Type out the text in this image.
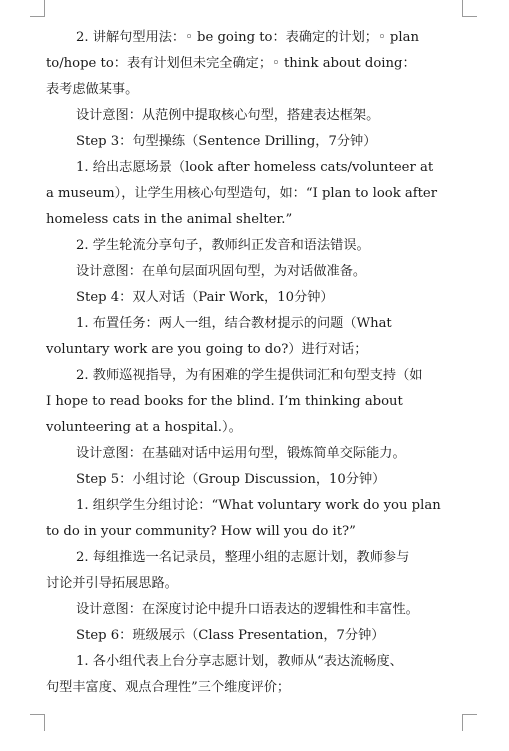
2. 讲解句型用法：◦ be going to：表确定的计划；◦ plan
to/hope to：表有计划但未完全确定；◦ think about doing：
表考虑做某事。
设计意图：从范例中提取核心句型，搭建表达框架。
Step 3：句型操练（Sentence Drilling，7分钟）
1. 给出志愿场景（look after homeless cats/volunteer at
a museum），让学生用核心句型造句，如：“I plan to look after
homeless cats in the animal shelter.”
2. 学生轮流分享句子，教师纠正发音和语法错误。
设计意图：在单句层面巩固句型，为对话做准备。
Step 4：双人对话（Pair Work，10分钟）
1. 布置任务：两人一组，结合教材提示的问题（What
voluntary work are you going to do?）进行对话；
2. 教师巡视指导，为有困难的学生提供词汇和句型支持（如
I hope to read books for the blind. I’m thinking about
volunteering at a hospital.）。
设计意图：在基础对话中运用句型，锻炼简单交际能力。
Step 5：小组讨论（Group Discussion，10分钟）
1. 组织学生分组讨论：“What voluntary work do you plan
to do in your community? How will you do it?”
2. 每组推选一名记录员，整理小组的志愿计划，教师参与
讨论并引导拓展思路。
设计意图：在深度讨论中提升口语表达的逻辑性和丰富性。
Step 6：班级展示（Class Presentation，7分钟）
1. 各小组代表上台分享志愿计划，教师从“表达流畅度、
句型丰富度、观点合理性”三个维度评价；
